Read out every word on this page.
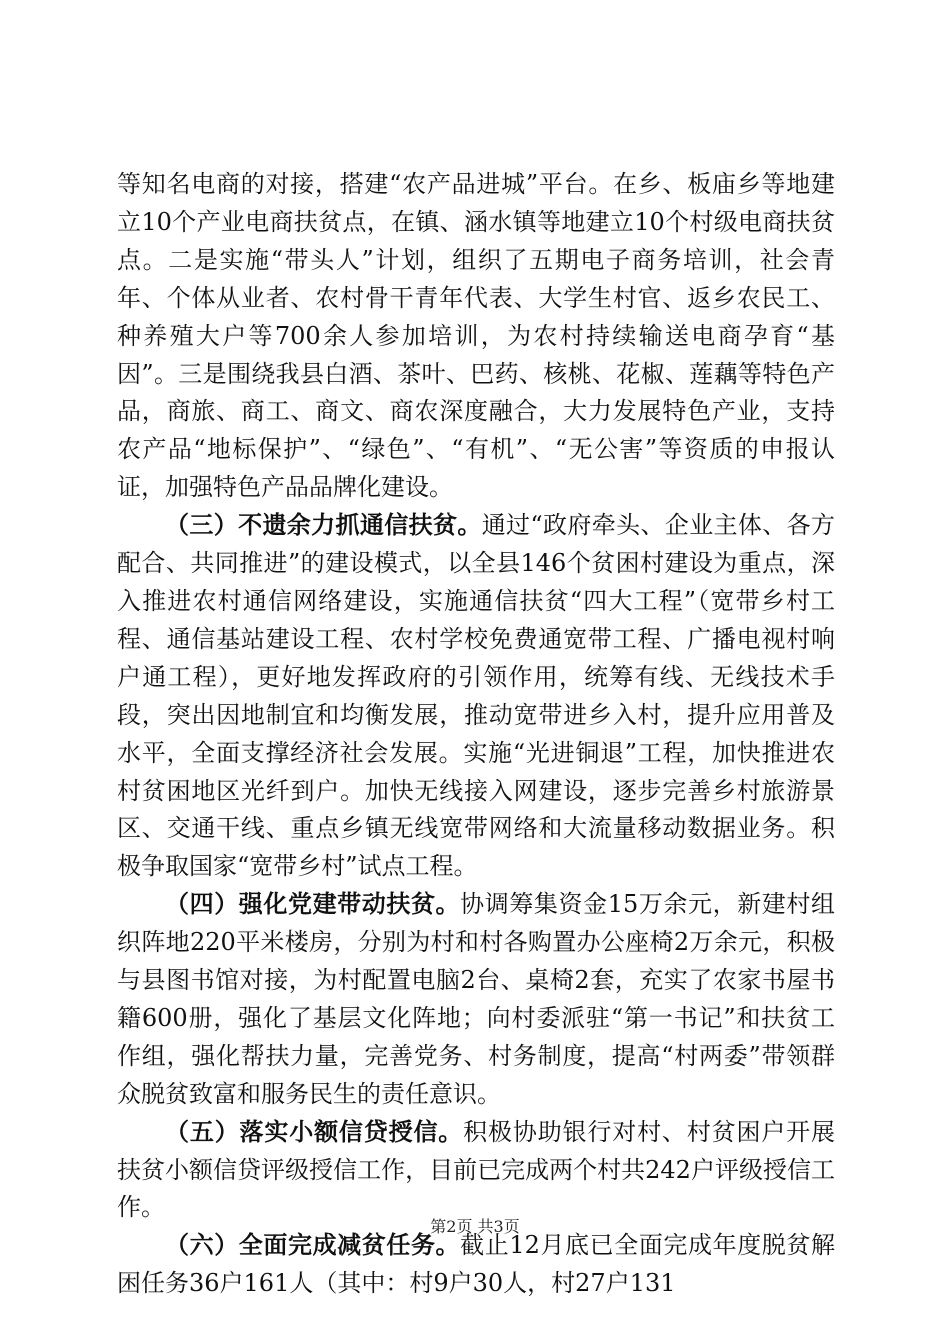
等知名电商的对接，搭建“农产品进城”平台。在乡、板庙乡等地建立10个产业电商扶贫点，在镇、涵水镇等地建立10个村级电商扶贫点。二是实施“带头人”计划，组织了五期电子商务培训，社会青年、个体从业者、农村骨干青年代表、大学生村官、返乡农民工、种养殖大户等700余人参加培训，为农村持续输送电商孕育“基因”。三是围绕我县白酒、茶叶、巴药、核桃、花椒、莲藕等特色产品，商旅、商工、商文、商农深度融合，大力发展特色产业，支持农产品“地标保护”、“绿色”、“有机”、“无公害”等资质的申报认证，加强特色产品品牌化建设。

（三）不遗余力抓通信扶贫。通过“政府牵头、企业主体、各方配合、共同推进”的建设模式，以全县146个贫困村建设为重点，深入推进农村通信网络建设，实施通信扶贫“四大工程”（宽带乡村工程、通信基站建设工程、农村学校免费通宽带工程、广播电视村响户通工程），更好地发挥政府的引领作用，统筹有线、无线技术手段，突出因地制宜和均衡发展，推动宽带进乡入村，提升应用普及水平，全面支撑经济社会发展。实施“光进铜退”工程，加快推进农村贫困地区光纤到户。加快无线接入网建设，逐步完善乡村旅游景区、交通干线、重点乡镇无线宽带网络和大流量移动数据业务。积极争取国家“宽带乡村”试点工程。

（四）强化党建带动扶贫。协调筹集资金15万余元，新建村组织阵地220平米楼房，分别为村和村各购置办公座椅2万余元，积极与县图书馆对接，为村配置电脑2台、桌椅2套，充实了农家书屋书籍600册，强化了基层文化阵地；向村委派驻“第一书记”和扶贫工作组，强化帮扶力量，完善党务、村务制度，提高“村两委”带领群众脱贫致富和服务民生的责任意识。

（五）落实小额信贷授信。积极协助银行对村、村贫困户开展扶贫小额信贷评级授信工作，目前已完成两个村共242户评级授信工作。

（六）全面完成减贫任务。截止12月底已全面完成年度脱贫解困任务36户161人（其中：村9户30人，村27户131

第2页 共3页
